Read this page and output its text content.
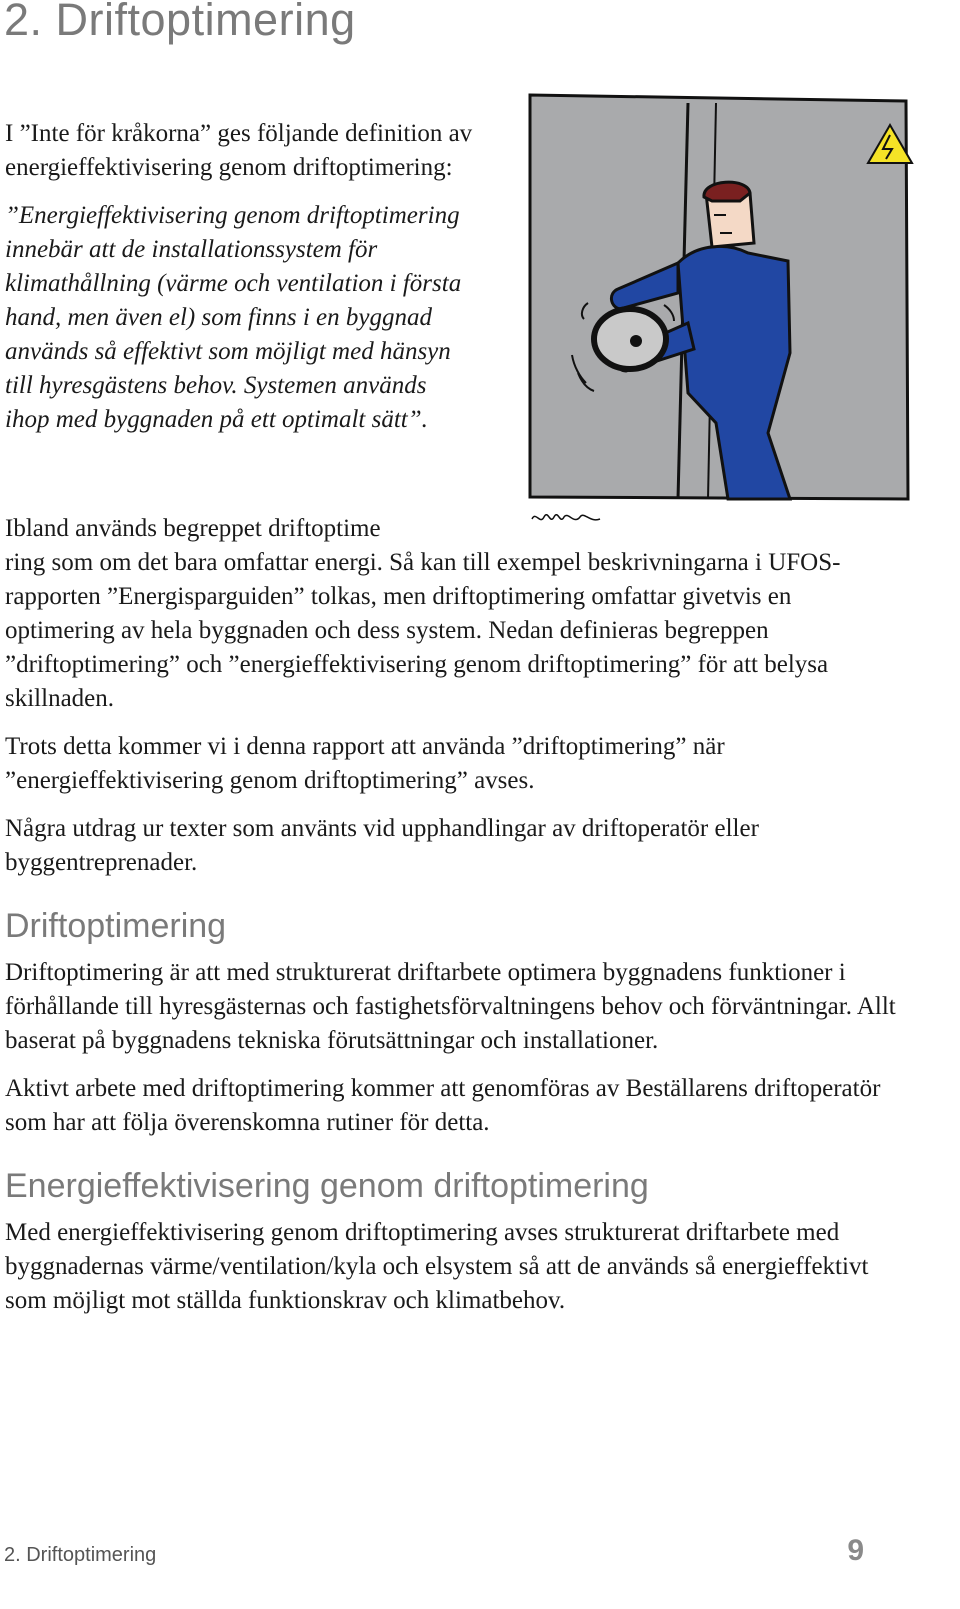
2. Driftoptimering

I ”Inte för kråkorna” ges följande definition av energieffektivisering genom driftoptimering:

”Energieffektivisering genom driftoptimering innebär att de installationssystem för klimathållning (värme och ventilation i första hand, men även el) som finns i en byggnad används så effektivt som möjligt med hänsyn till hyresgästens behov. Systemen används ihop med byggnaden på ett optimalt sätt”.

Ibland används begreppet driftoptime
ring som om det bara omfattar energi. Så kan till exempel beskrivningarna i UFOS-rapporten ”Energisparguiden” tolkas, men driftoptimering omfattar givetvis en optimering av hela byggnaden och dess system. Nedan definieras begreppen ”driftoptimering” och ”energieffektivisering genom driftoptimering” för att belysa skillnaden.

Trots detta kommer vi i denna rapport att använda ”driftoptimering” när ”energieffektivisering genom driftoptimering” avses.

Några utdrag ur texter som använts vid upphandlingar av driftoperatör eller byggentreprenader.

Driftoptimering

Driftoptimering är att med strukturerat driftarbete optimera byggnadens funktioner i förhållande till hyresgästernas och fastighetsförvaltningens behov och förväntningar. Allt baserat på byggnadens tekniska förutsättningar och installationer.

Aktivt arbete med driftoptimering kommer att genomföras av Beställarens driftoperatör som har att följa överenskomna rutiner för detta.

Energieffektivisering genom driftoptimering

Med energieffektivisering genom driftoptimering avses strukturerat driftarbete med byggnadernas värme/ventilation/kyla och elsystem så att de används så energieffektivt som möjligt mot ställda funktionskrav och klimatbehov.

2. Driftoptimering	9
